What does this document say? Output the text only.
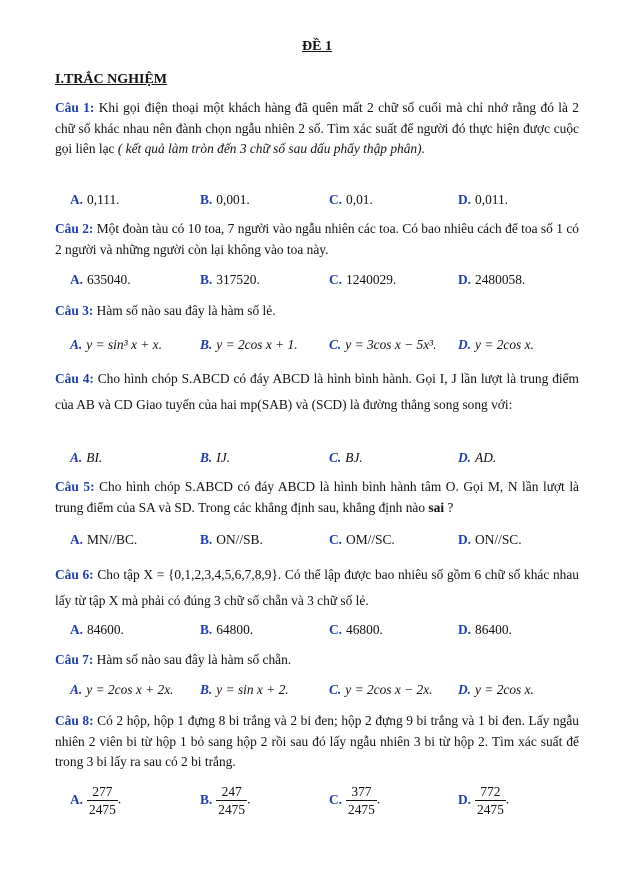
ĐỀ 1
I.TRẮC NGHIỆM
Câu 1: Khi gọi điện thoại một khách hàng đã quên mất 2 chữ số cuối mà chỉ nhớ rằng đó là 2 chữ số khác nhau nên đành chọn ngẫu nhiên 2 số. Tìm xác suất để người đó thực hiện được cuộc gọi liên lạc ( kết quả làm tròn đến 3 chữ số sau dấu phẩy thập phân).
A. 0,111.	B. 0,001.	C. 0,01.	D. 0,011.
Câu 2: Một đoàn tàu có 10 toa, 7 người vào ngẫu nhiên các toa. Có bao nhiêu cách để toa số 1 có 2 người và những người còn lại không vào toa này.
A. 635040.	B. 317520.	C. 1240029.	D. 2480058.
Câu 3: Hàm số nào sau đây là hàm số lẻ.
A. y = sin³ x + x.	B. y = 2cos x + 1. C. y = 3cos x − 5x³. D. y = 2cos x.
Câu 4: Cho hình chóp S.ABCD có đáy ABCD là hình bình hành. Gọi I, J lần lượt là trung điểm của AB và CD Giao tuyến của hai mp(SAB) và (SCD) là đường thẳng song song với:
A. BI.	B. IJ.	C. BJ.	D. AD.
Câu 5: Cho hình chóp S.ABCD có đáy ABCD là hình bình hành tâm O. Gọi M, N lần lượt là trung điểm của SA và SD. Trong các khẳng định sau, khẳng định nào sai ?
A. MN//BC.	B. ON//SB.	C. OM//SC.	D. ON//SC.
Câu 6: Cho tập X = {0,1,2,3,4,5,6,7,8,9}. Có thể lập được bao nhiêu số gồm 6 chữ số khác nhau lấy từ tập X mà phải có đúng 3 chữ số chẵn và 3 chữ số lẻ.
A. 84600.	B. 64800.	C. 46800.	D. 86400.
Câu 7: Hàm số nào sau đây là hàm số chẵn.
A. y = 2cos x + 2x. B. y = sin x + 2.	C. y = 2cos x − 2x. D. y = 2cos x.
Câu 8: Có 2 hộp, hộp 1 đựng 8 bi trắng và 2 bi đen; hộp 2 đựng 9 bi trắng và 1 bi đen. Lấy ngẫu nhiên 2 viên bi từ hộp 1 bỏ sang hộp 2 rồi sau đó lấy ngẫu nhiên 3 bi từ hộp 2. Tìm xác suất để trong 3 bi lấy ra sau có 2 bi trắng.
A. $\frac{277}{2475}$ .	B. $\frac{247}{2475}$ .	C. $\frac{377}{2475}$ .	D. $\frac{772}{2475}$ .
